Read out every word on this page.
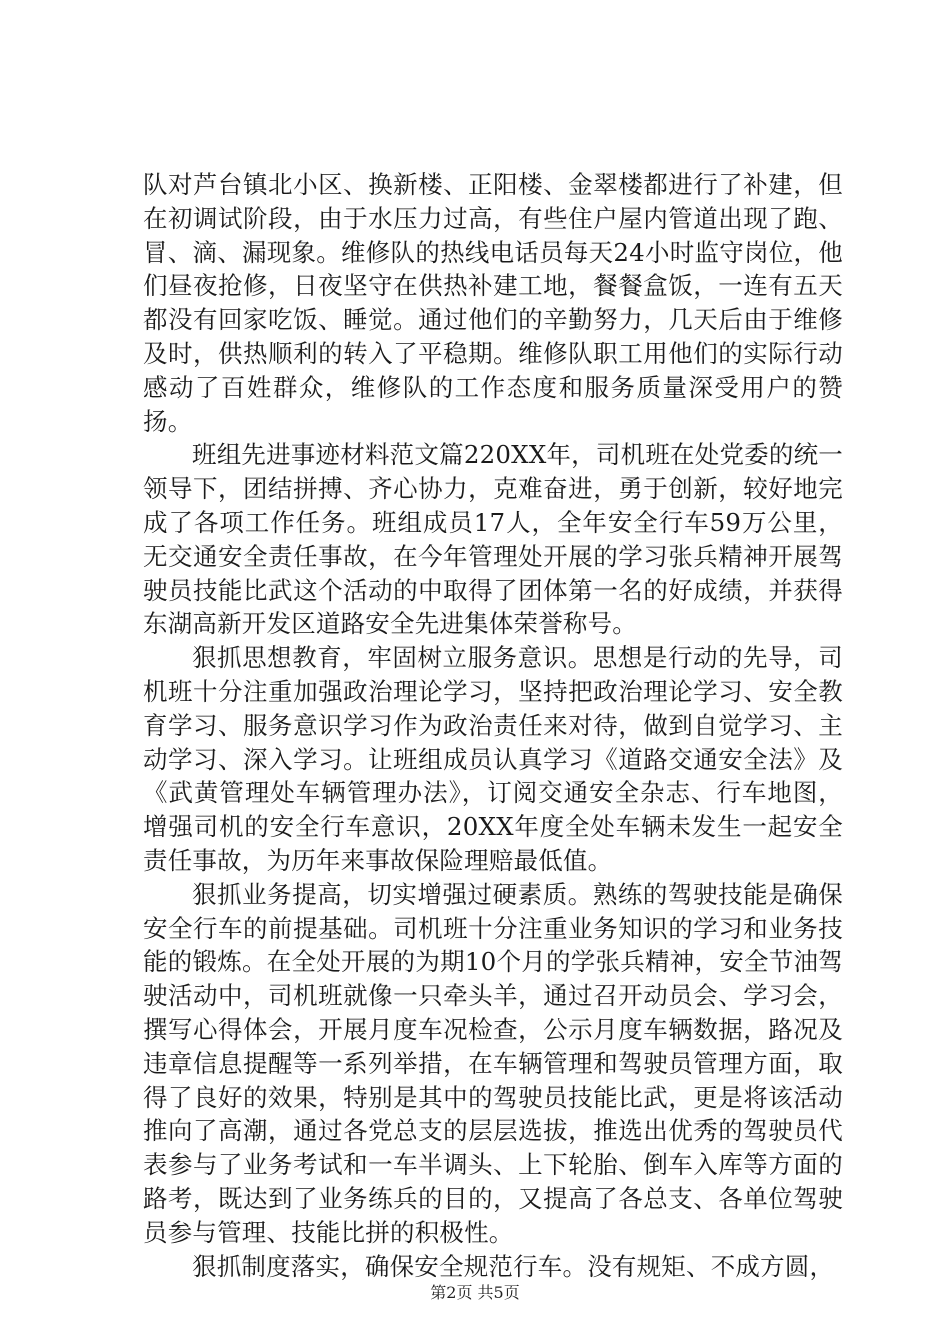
队对芦台镇北小区、换新楼、正阳楼、金翠楼都进行了补建，但在初调试阶段，由于水压力过高，有些住户屋内管道出现了跑、冒、滴、漏现象。维修队的热线电话员每天24小时监守岗位，他们昼夜抢修，日夜坚守在供热补建工地，餐餐盒饭，一连有五天都没有回家吃饭、睡觉。通过他们的辛勤努力，几天后由于维修及时，供热顺利的转入了平稳期。维修队职工用他们的实际行动感动了百姓群众，维修队的工作态度和服务质量深受用户的赞扬。

班组先进事迹材料范文篇220XX年，司机班在处党委的统一领导下，团结拼搏、齐心协力，克难奋进，勇于创新，较好地完成了各项工作任务。班组成员17人，全年安全行车59万公里，无交通安全责任事故，在今年管理处开展的学习张兵精神开展驾驶员技能比武这个活动的中取得了团体第一名的好成绩，并获得东湖高新开发区道路安全先进集体荣誉称号。

狠抓思想教育，牢固树立服务意识。思想是行动的先导，司机班十分注重加强政治理论学习，坚持把政治理论学习、安全教育学习、服务意识学习作为政治责任来对待，做到自觉学习、主动学习、深入学习。让班组成员认真学习《道路交通安全法》及《武黄管理处车辆管理办法》，订阅交通安全杂志、行车地图，增强司机的安全行车意识，20XX年度全处车辆未发生一起安全责任事故，为历年来事故保险理赔最低值。

狠抓业务提高，切实增强过硬素质。熟练的驾驶技能是确保安全行车的前提基础。司机班十分注重业务知识的学习和业务技能的锻炼。在全处开展的为期10个月的学张兵精神，安全节油驾驶活动中，司机班就像一只牵头羊，通过召开动员会、学习会，撰写心得体会，开展月度车况检查，公示月度车辆数据，路况及违章信息提醒等一系列举措，在车辆管理和驾驶员管理方面，取得了良好的效果，特别是其中的驾驶员技能比武，更是将该活动推向了高潮，通过各党总支的层层选拔，推选出优秀的驾驶员代表参与了业务考试和一车半调头、上下轮胎、倒车入库等方面的路考，既达到了业务练兵的目的，又提高了各总支、各单位驾驶员参与管理、技能比拼的积极性。

狠抓制度落实，确保安全规范行车。没有规矩、不成方圆，

第2页 共5页
